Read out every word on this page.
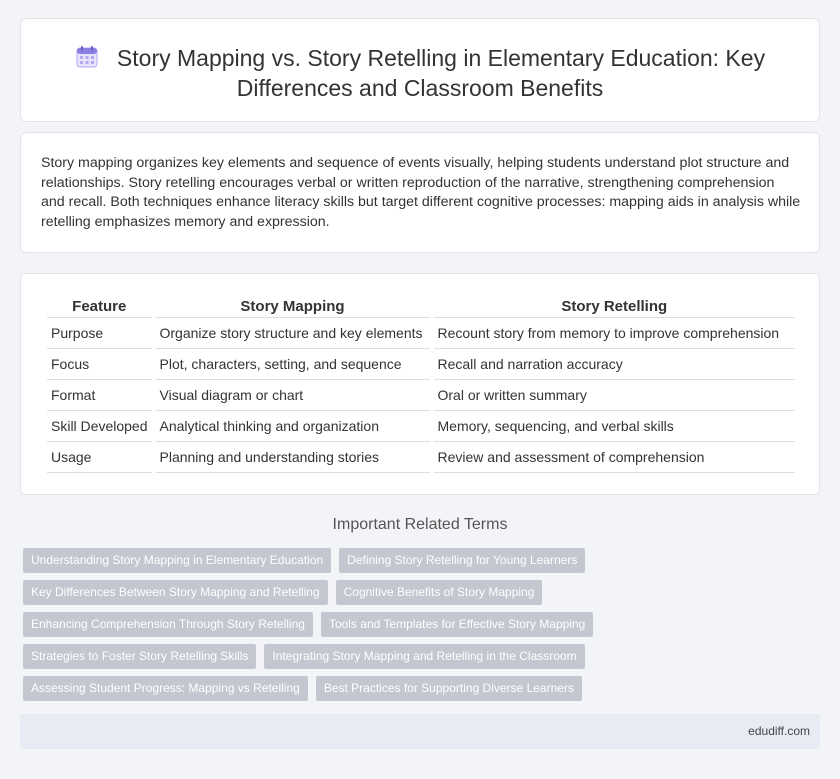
Story Mapping vs. Story Retelling in Elementary Education: Key Differences and Classroom Benefits

Story mapping organizes key elements and sequence of events visually, helping students understand plot structure and relationships. Story retelling encourages verbal or written reproduction of the narrative, strengthening comprehension and recall. Both techniques enhance literacy skills but target different cognitive processes: mapping aids in analysis while retelling emphasizes memory and expression.

Feature	Story Mapping	Story Retelling
Purpose	Organize story structure and key elements	Recount story from memory to improve comprehension
Focus	Plot, characters, setting, and sequence	Recall and narration accuracy
Format	Visual diagram or chart	Oral or written summary
Skill Developed	Analytical thinking and organization	Memory, sequencing, and verbal skills
Usage	Planning and understanding stories	Review and assessment of comprehension
Important Related Terms
Understanding Story Mapping in Elementary Education	Defining Story Retelling for Young Learners
Key Differences Between Story Mapping and Retelling	Cognitive Benefits of Story Mapping
Enhancing Comprehension Through Story Retelling	Tools and Templates for Effective Story Mapping
Strategies to Foster Story Retelling Skills	Integrating Story Mapping and Retelling in the Classroom
Assessing Student Progress: Mapping vs Retelling	Best Practices for Supporting Diverse Learners
edudiff.com
